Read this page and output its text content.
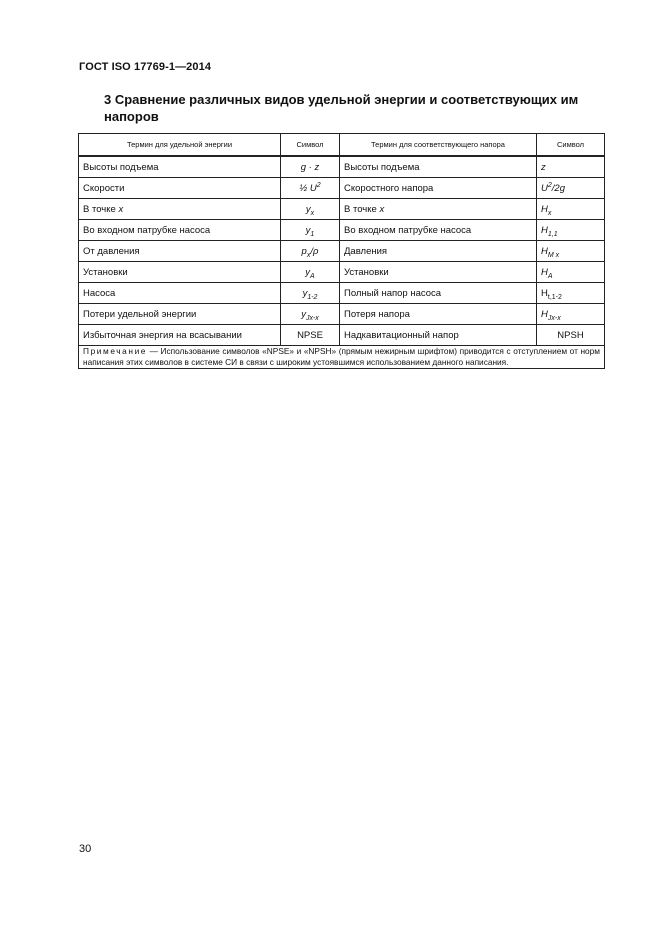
ГОСТ ISO 17769-1—2014
3 Сравнение различных видов удельной энергии и соответствующих им напоров
Термин для удельной энергии	Символ	Термин для соответствующего напора	Символ
Высоты подъема	g · z	Высоты подъема	z
Скорости	½ $U^2$	Скоростного напора	$U^2/2g$
В точке x	$y_x$	В точке x	$H_x$
Во входном патрубке насоса	$y_1$	Во входном патрубке насоса	$H_{1,1}$
От давления	$p_x/\rho$	Давления	$H_{M x}$
Установки	$y_A$	Установки	$H_A$
Насоса	$y_{1-2}$	Полный напор насоса	$H_{t,1-2}$
Потери удельной энергии	$y_{Jx-x}$	Потеря напора	$H_{Jx-x}$
Избыточная энергия на всасывании	NPSE	Надкавитационный напор	NPSH
Примечание — Использование символов «NPSE» и «NPSH» (прямым нежирным шрифтом) приводится с отступлением от норм написания этих символов в системе СИ в связи с широким устоявшимся использованием данного написания.			
30
